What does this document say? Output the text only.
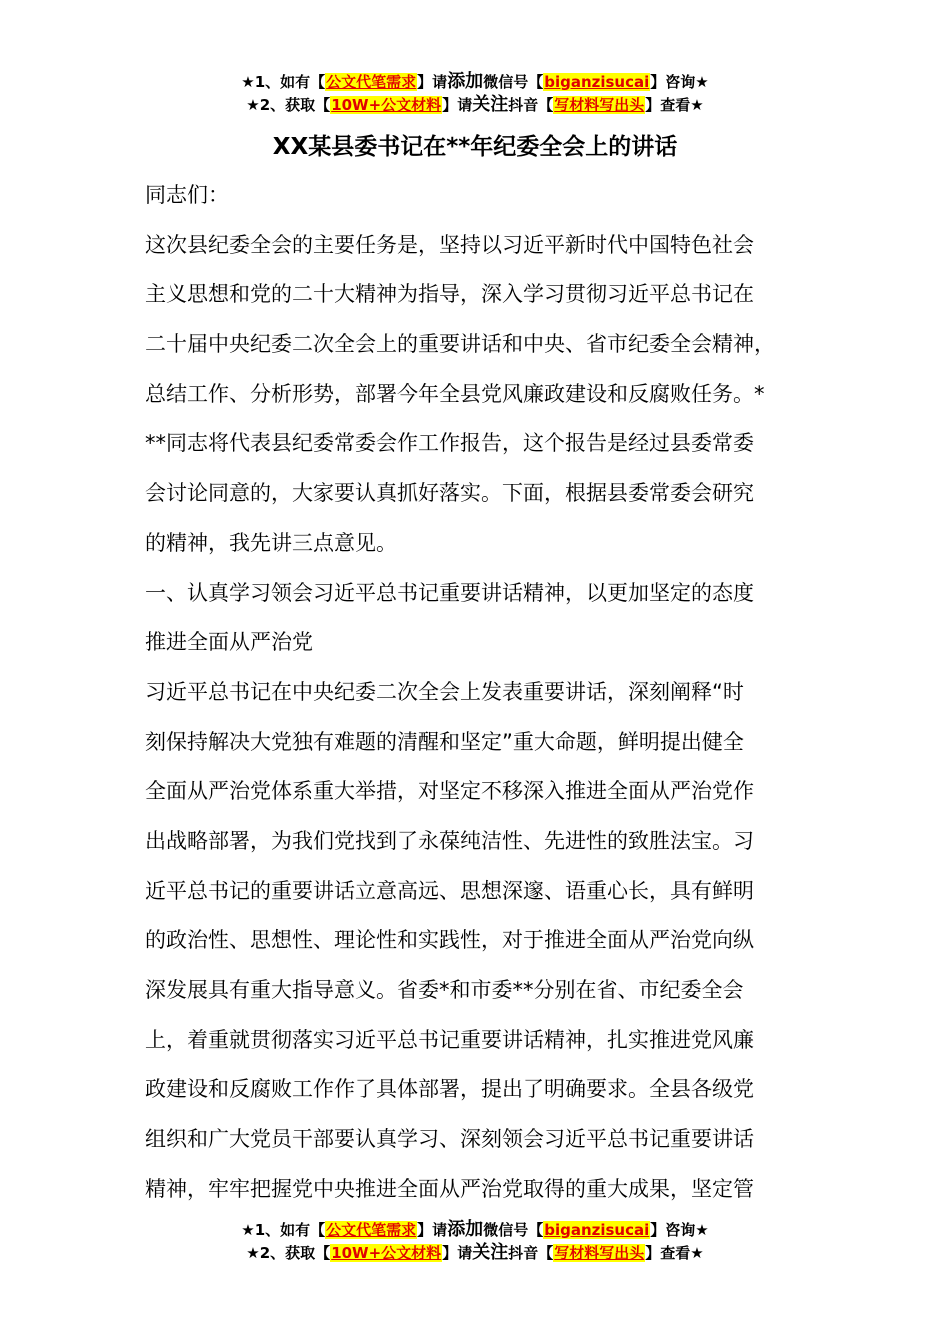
★1、如有【公文代笔需求】请添加微信号【biganzisucai】咨询★
★2、获取【10W+公文材料】请关注抖音【写材料写出头】查看★
XX某县委书记在**年纪委全会上的讲话
同志们：
这次县纪委全会的主要任务是，坚持以习近平新时代中国特色社会
主义思想和党的二十大精神为指导，深入学习贯彻习近平总书记在
二十届中央纪委二次全会上的重要讲话和中央、省市纪委全会精神，
总结工作、分析形势，部署今年全县党风廉政建设和反腐败任务。*
**同志将代表县纪委常委会作工作报告，这个报告是经过县委常委
会讨论同意的，大家要认真抓好落实。下面，根据县委常委会研究
的精神，我先讲三点意见。
一、认真学习领会习近平总书记重要讲话精神，以更加坚定的态度
推进全面从严治党
习近平总书记在中央纪委二次全会上发表重要讲话，深刻阐释“时
刻保持解决大党独有难题的清醒和坚定”重大命题，鲜明提出健全
全面从严治党体系重大举措，对坚定不移深入推进全面从严治党作
出战略部署，为我们党找到了永葆纯洁性、先进性的致胜法宝。习
近平总书记的重要讲话立意高远、思想深邃、语重心长，具有鲜明
的政治性、思想性、理论性和实践性，对于推进全面从严治党向纵
深发展具有重大指导意义。省委*和市委**分别在省、市纪委全会
上，着重就贯彻落实习近平总书记重要讲话精神，扎实推进党风廉
政建设和反腐败工作作了具体部署，提出了明确要求。全县各级党
组织和广大党员干部要认真学习、深刻领会习近平总书记重要讲话
精神，牢牢把握党中央推进全面从严治党取得的重大成果，坚定管
★1、如有【公文代笔需求】请添加微信号【biganzisucai】咨询★
★2、获取【10W+公文材料】请关注抖音【写材料写出头】查看★
